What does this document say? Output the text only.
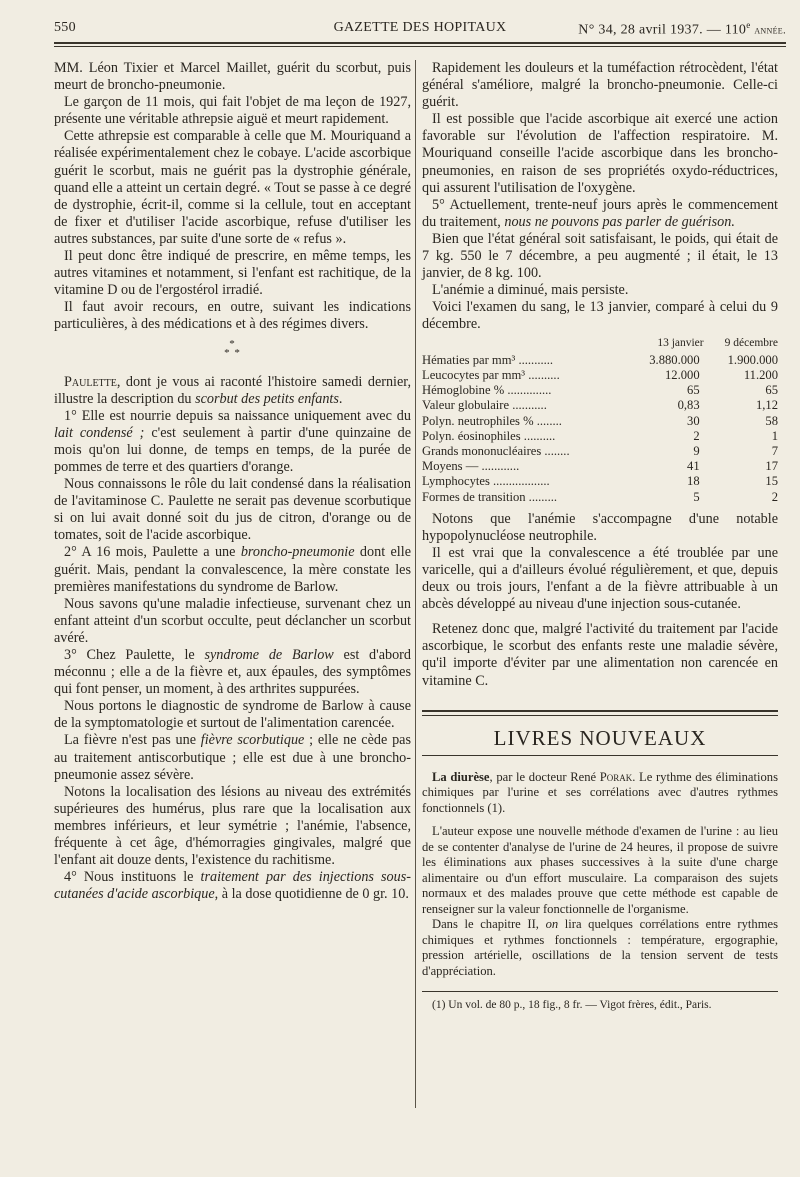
550	GAZETTE DES HOPITAUX	N° 34, 28 avril 1937. — 110e année.

MM. Léon Tixier et Marcel Maillet, guérit du scorbut, puis meurt de broncho-pneumonie.

Le garçon de 11 mois, qui fait l'objet de ma leçon de 1927, présente une véritable athrepsie aiguë et meurt rapidement.

Cette athrepsie est comparable à celle que M. Mouriquand a réalisée expérimentalement chez le cobaye. L'acide ascorbique guérit le scorbut, mais ne guérit pas la dystrophie générale, quand elle a atteint un certain degré. « Tout se passe à ce degré de dystrophie, écrit-il, comme si la cellule, tout en acceptant de fixer et d'utiliser l'acide ascorbique, refuse d'utiliser les autres substances, par suite d'une sorte de « refus ».

Il peut donc être indiqué de prescrire, en même temps, les autres vitamines et notamment, si l'enfant est rachitique, de la vitamine D ou de l'ergostérol irradié.

Il faut avoir recours, en outre, suivant les indications particulières, à des médications et à des régimes divers.

*
* *

Paulette, dont je vous ai raconté l'histoire samedi dernier, illustre la description du scorbut des petits enfants.

1° Elle est nourrie depuis sa naissance uniquement avec du lait condensé ; c'est seulement à partir d'une quinzaine de mois qu'on lui donne, de temps en temps, de la purée de pommes de terre et des quartiers d'orange.

Nous connaissons le rôle du lait condensé dans la réalisation de l'avitaminose C. Paulette ne serait pas devenue scorbutique si on lui avait donné soit du jus de citron, d'orange ou de tomates, soit de l'acide ascorbique.

2° A 16 mois, Paulette a une broncho-pneumonie dont elle guérit. Mais, pendant la convalescence, la mère constate les premières manifestations du syndrome de Barlow.

Nous savons qu'une maladie infectieuse, survenant chez un enfant atteint d'un scorbut occulte, peut déclancher un scorbut avéré.

3° Chez Paulette, le syndrome de Barlow est d'abord méconnu ; elle a de la fièvre et, aux épaules, des symptômes qui font penser, un moment, à des arthrites suppurées.

Nous portons le diagnostic de syndrome de Barlow à cause de la symptomatologie et surtout de l'alimentation carencée.

La fièvre n'est pas une fièvre scorbutique ; elle ne cède pas au traitement antiscorbutique ; elle est due à une broncho-pneumonie assez sévère.

Notons la localisation des lésions au niveau des extrémités supérieures des humérus, plus rare que la localisation aux membres inférieurs, et leur symétrie ; l'anémie, l'absence, fréquente à cet âge, d'hémorragies gingivales, malgré que l'enfant ait douze dents, l'existence du rachitisme.

4° Nous instituons le traitement par des injections sous-cutanées d'acide ascorbique, à la dose quotidienne de 0 gr. 10.

Rapidement les douleurs et la tuméfaction rétrocèdent, l'état général s'améliore, malgré la broncho-pneumonie. Celle-ci guérit.

Il est possible que l'acide ascorbique ait exercé une action favorable sur l'évolution de l'affection respiratoire. M. Mouriquand conseille l'acide ascorbique dans les broncho-pneumonies, en raison de ses propriétés oxydo-réductrices, qui assurent l'utilisation de l'oxygène.

5° Actuellement, trente-neuf jours après le commencement du traitement, nous ne pouvons pas parler de guérison.

Bien que l'état général soit satisfaisant, le poids, qui était de 7 kg. 550 le 7 décembre, a peu augmenté ; il était, le 13 janvier, de 8 kg. 100.

L'anémie a diminué, mais persiste.

Voici l'examen du sang, le 13 janvier, comparé à celui du 9 décembre.

	13 janvier	9 décembre
Hématies par mm³ ...........	3.880.000	1.900.000
Leucocytes par mm³ ..........	12.000	11.200
Hémoglobine % ..............	65	65
Valeur globulaire ...........	0,83	1,12
Polyn. neutrophiles % ........	30	58
Polyn. éosinophiles ..........	2	1
Grands mononucléaires ........	9	7
Moyens — ............	41	17
Lymphocytes ..................	18	15
Formes de transition .........	5	2

Notons que l'anémie s'accompagne d'une notable hypopolynucléose neutrophile.

Il est vrai que la convalescence a été troublée par une varicelle, qui a d'ailleurs évolué régulièrement, et que, depuis deux ou trois jours, l'enfant a de la fièvre attribuable à un abcès développé au niveau d'une injection sous-cutanée.

Retenez donc que, malgré l'activité du traitement par l'acide ascorbique, le scorbut des enfants reste une maladie sévère, qu'il importe d'éviter par une alimentation non carencée en vitamine C.

LIVRES NOUVEAUX

La diurèse, par le docteur René Porak. Le rythme des éliminations chimiques par l'urine et ses corrélations avec d'autres rythmes fonctionnels (1).

L'auteur expose une nouvelle méthode d'examen de l'urine : au lieu de se contenter d'analyse de l'urine de 24 heures, il propose de suivre les éliminations aux phases successives à la suite d'une charge alimentaire ou d'un effort musculaire. La comparaison des sujets normaux et des malades prouve que cette méthode est capable de renseigner sur la valeur fonctionnelle de l'organisme.

Dans le chapitre II, on lira quelques corrélations entre rythmes chimiques et rythmes fonctionnels : température, ergographie, pression artérielle, oscillations de la tension servent de tests d'appréciation.

(1) Un vol. de 80 p., 18 fig., 8 fr. — Vigot frères, édit., Paris.
